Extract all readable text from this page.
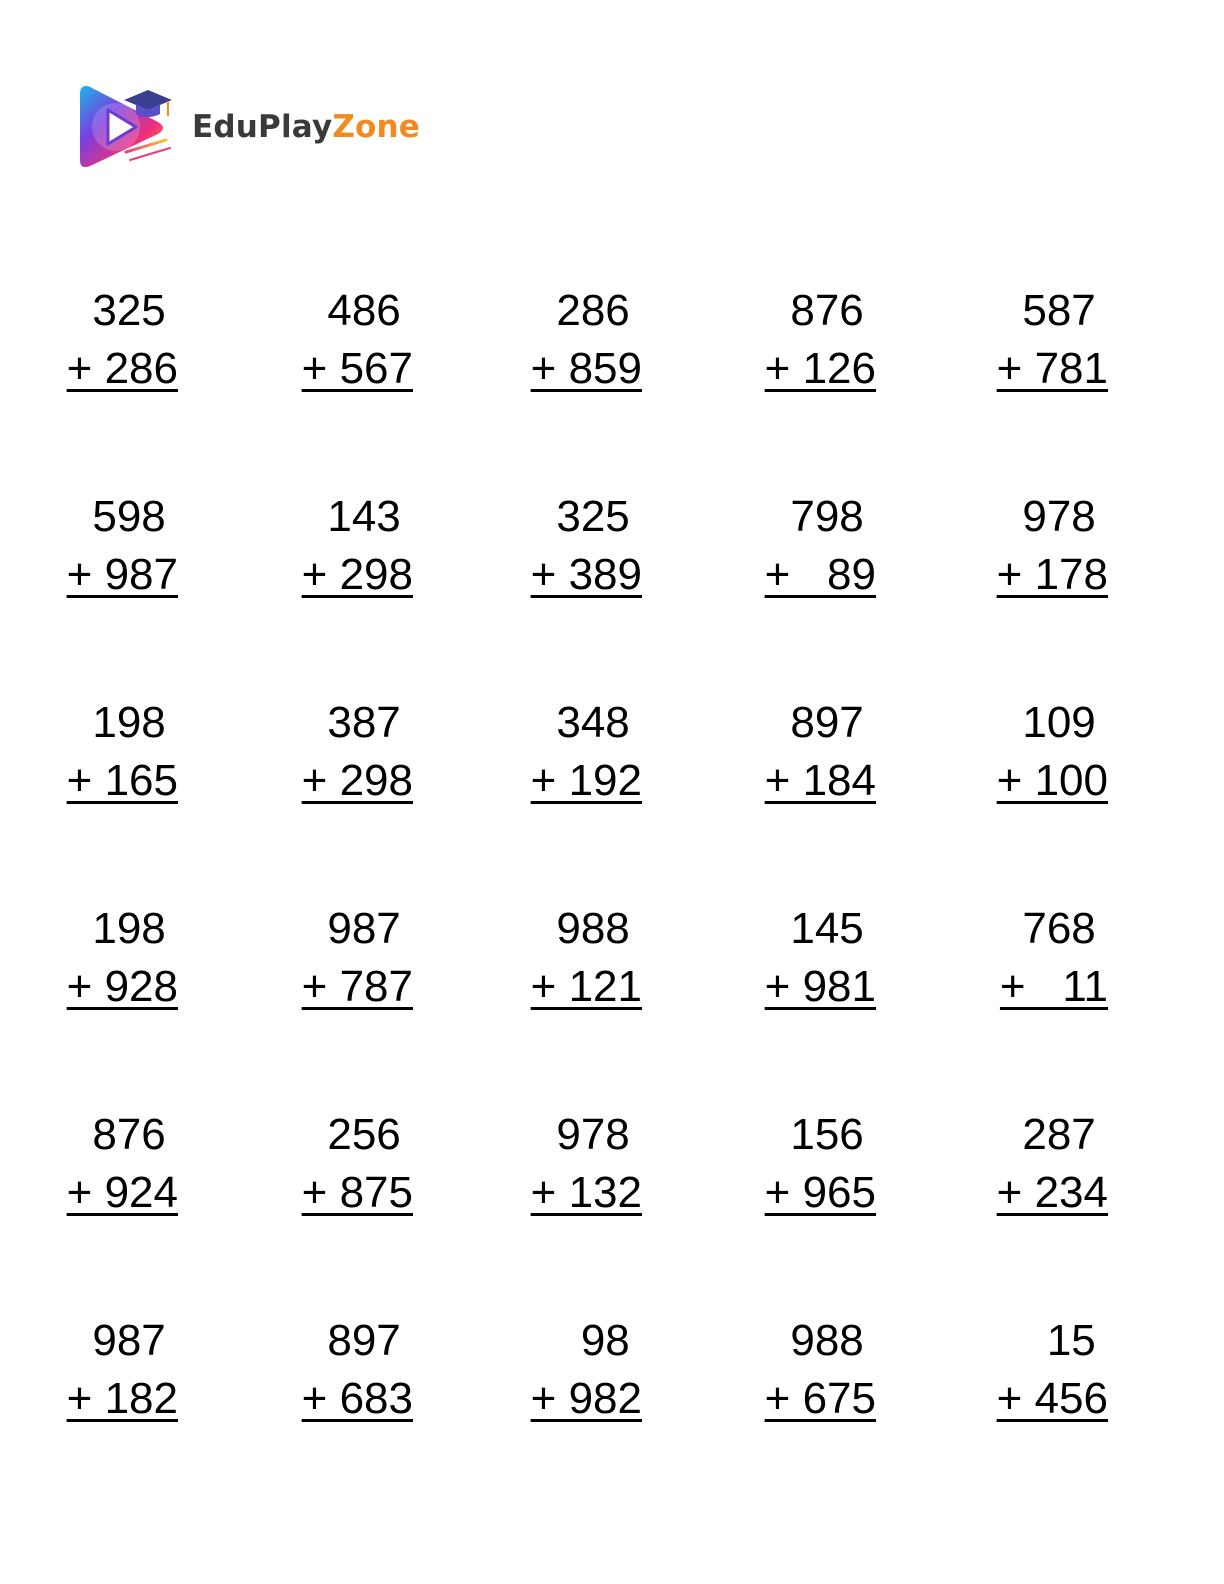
EduPlayZone
325
+ 286
486
+ 567
286
+ 859
876
+ 126
587
+ 781
598
+ 987
143
+ 298
325
+ 389
798
+  89
978
+ 178
198
+ 165
387
+ 298
348
+ 192
897
+ 184
109
+ 100
198
+ 928
987
+ 787
988
+ 121
145
+ 981
768
+  11
876
+ 924
256
+ 875
978
+ 132
156
+ 965
287
+ 234
987
+ 182
897
+ 683
98
+ 982
988
+ 675
15
+ 456
